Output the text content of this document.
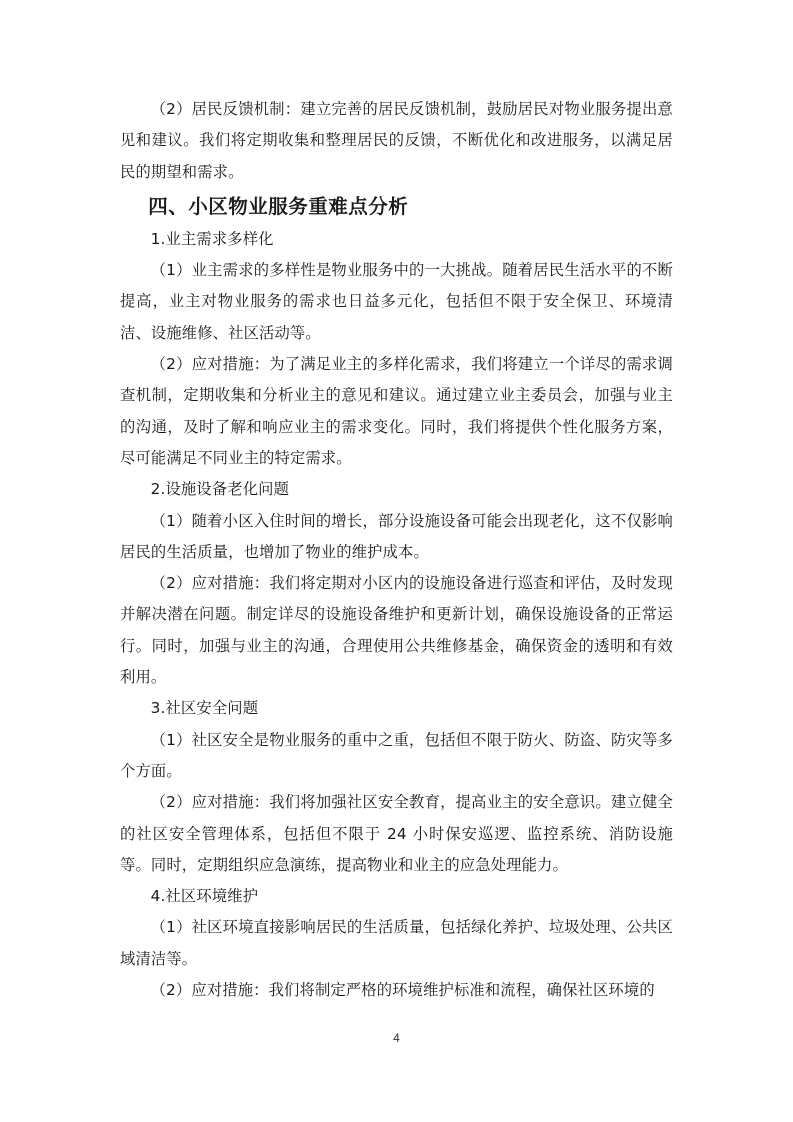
（2）居民反馈机制：建立完善的居民反馈机制，鼓励居民对物业服务提出意见和建议。我们将定期收集和整理居民的反馈，不断优化和改进服务，以满足居民的期望和需求。

四、小区物业服务重难点分析

1.业主需求多样化

（1）业主需求的多样性是物业服务中的一大挑战。随着居民生活水平的不断提高，业主对物业服务的需求也日益多元化，包括但不限于安全保卫、环境清洁、设施维修、社区活动等。

（2）应对措施：为了满足业主的多样化需求，我们将建立一个详尽的需求调查机制，定期收集和分析业主的意见和建议。通过建立业主委员会，加强与业主的沟通，及时了解和响应业主的需求变化。同时，我们将提供个性化服务方案，尽可能满足不同业主的特定需求。

2.设施设备老化问题

（1）随着小区入住时间的增长，部分设施设备可能会出现老化，这不仅影响居民的生活质量，也增加了物业的维护成本。

（2）应对措施：我们将定期对小区内的设施设备进行巡查和评估，及时发现并解决潜在问题。制定详尽的设施设备维护和更新计划，确保设施设备的正常运行。同时，加强与业主的沟通，合理使用公共维修基金，确保资金的透明和有效利用。

3.社区安全问题

（1）社区安全是物业服务的重中之重，包括但不限于防火、防盗、防灾等多个方面。

（2）应对措施：我们将加强社区安全教育，提高业主的安全意识。建立健全的社区安全管理体系，包括但不限于 24 小时保安巡逻、监控系统、消防设施等。同时，定期组织应急演练，提高物业和业主的应急处理能力。

4.社区环境维护

（1）社区环境直接影响居民的生活质量，包括绿化养护、垃圾处理、公共区域清洁等。

（2）应对措施：我们将制定严格的环境维护标准和流程，确保社区环境的

4
